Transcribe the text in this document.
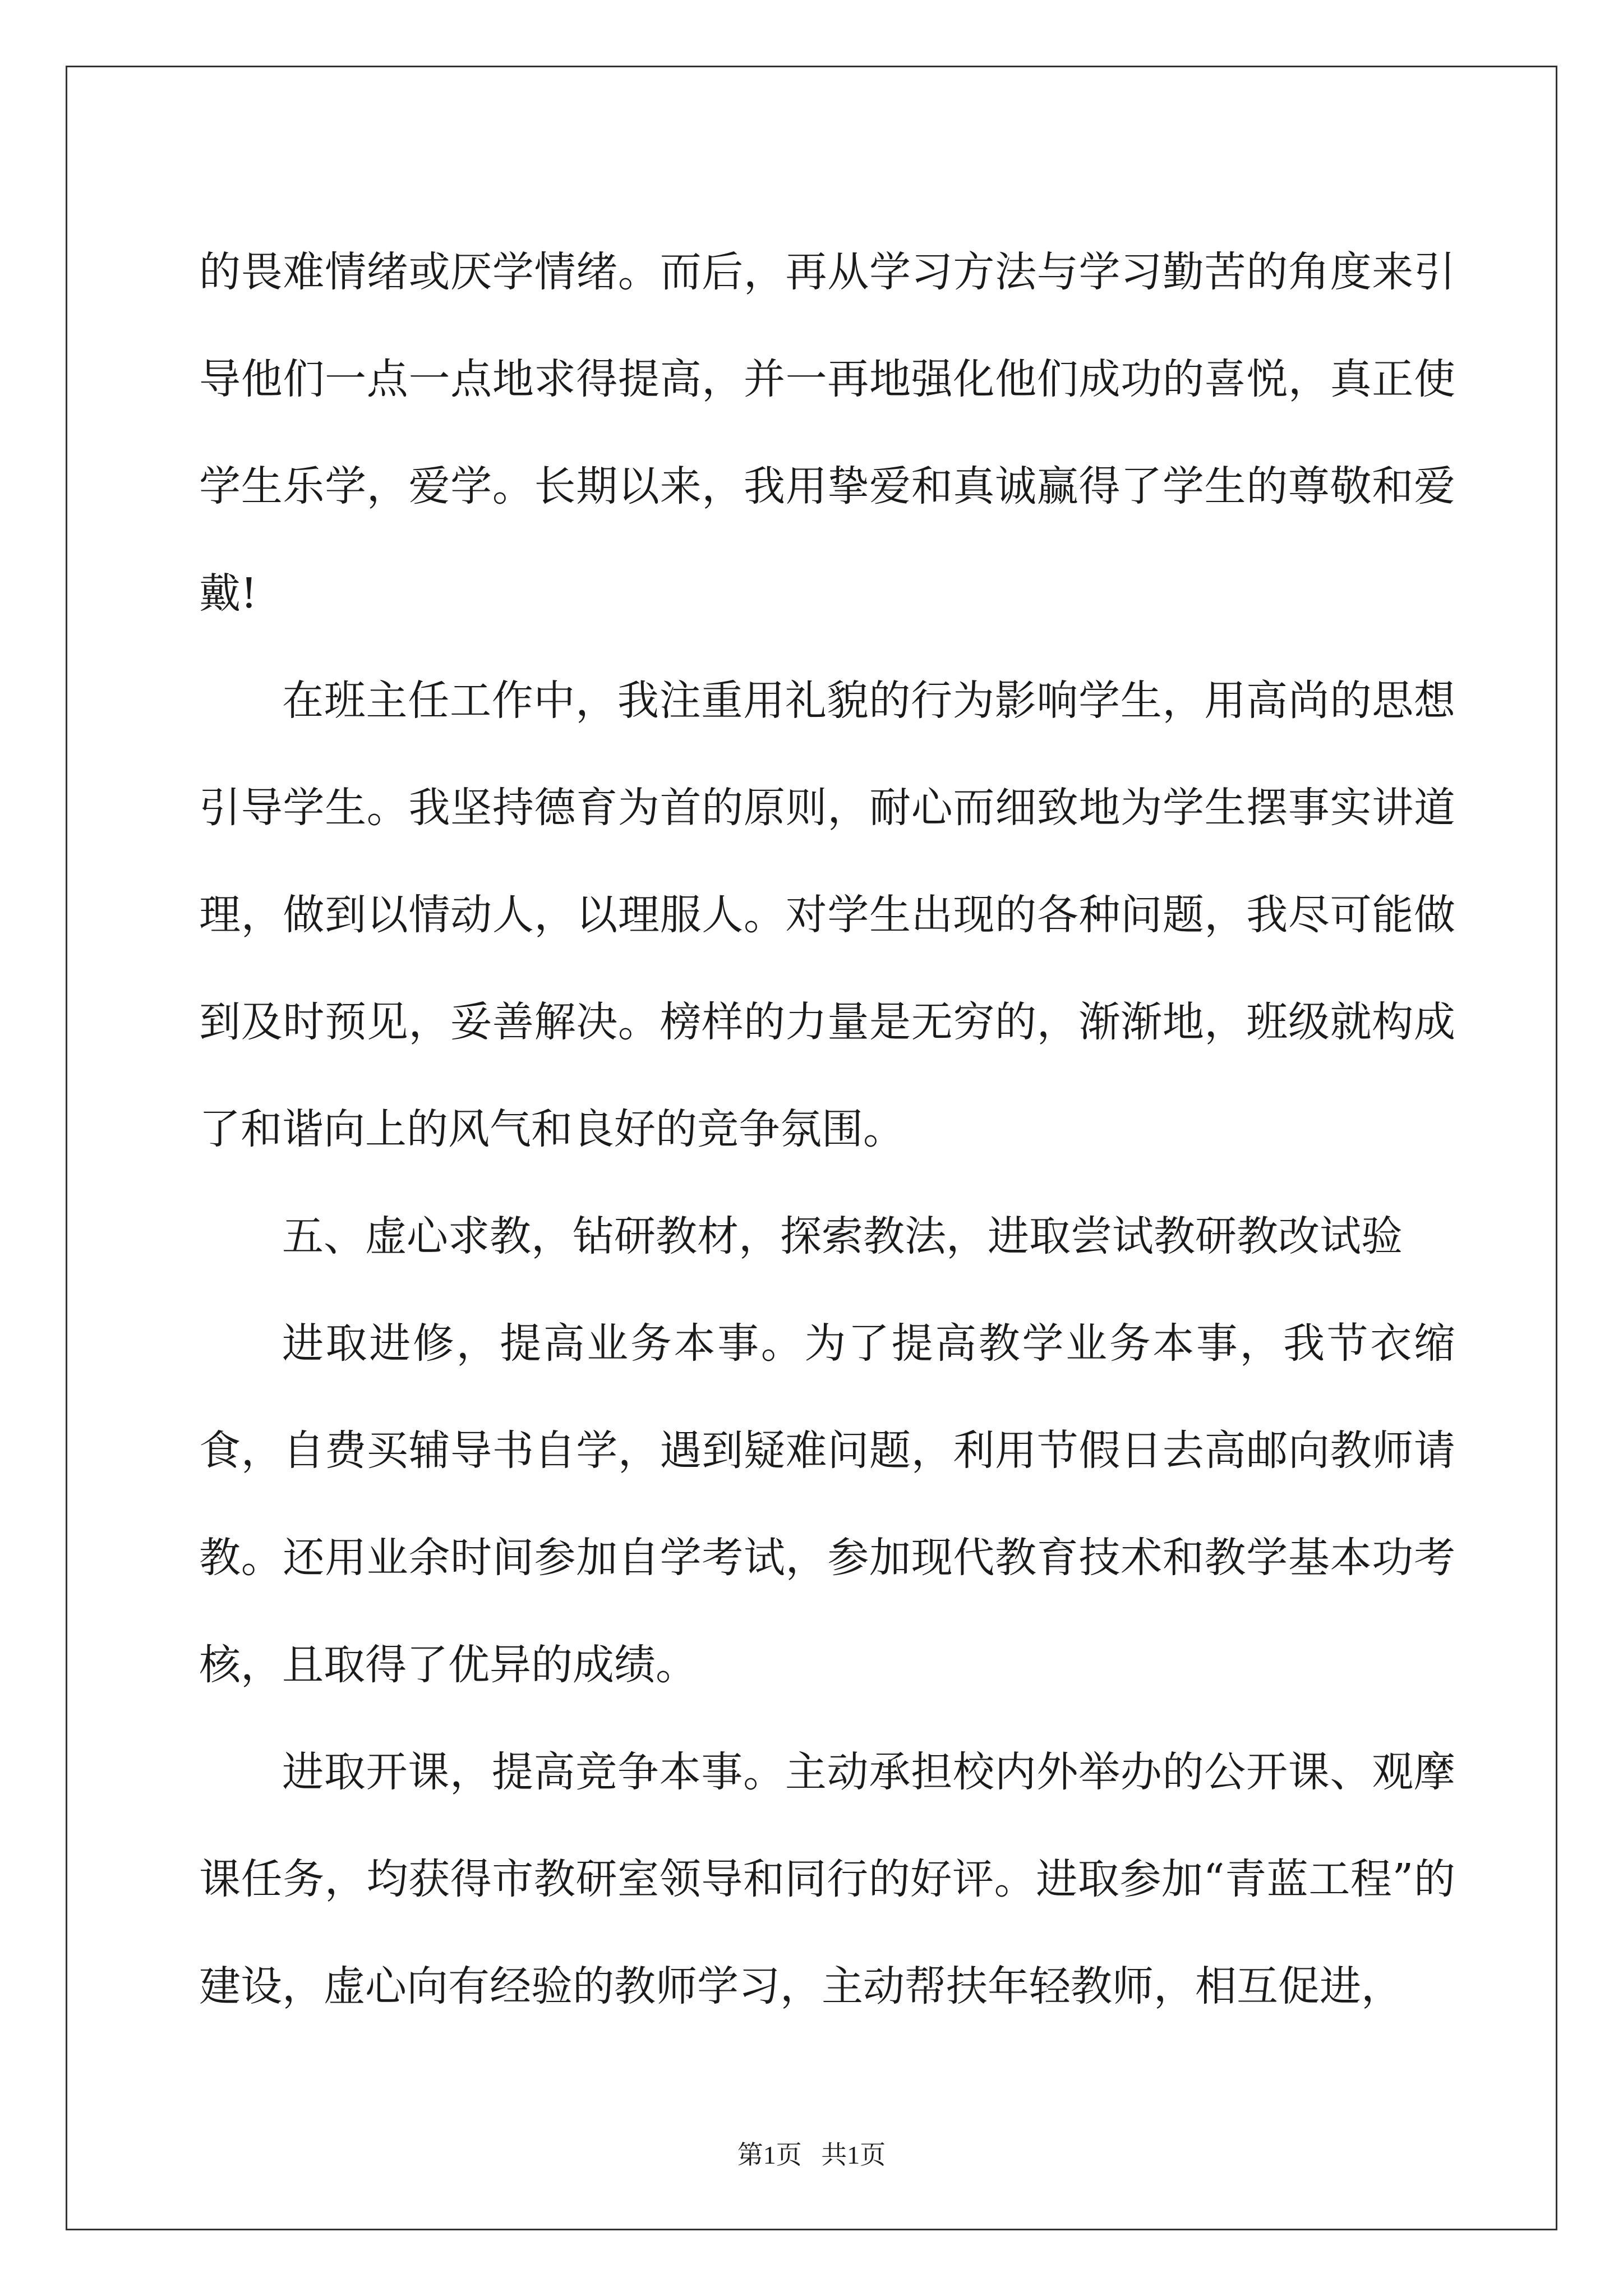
的畏难情绪或厌学情绪。而后，再从学习方法与学习勤苦的角度来引导他们一点一点地求得提高，并一再地强化他们成功的喜悦，真正使学生乐学，爱学。长期以来，我用挚爱和真诚赢得了学生的尊敬和爱戴!

在班主任工作中，我注重用礼貌的行为影响学生，用高尚的思想引导学生。我坚持德育为首的原则，耐心而细致地为学生摆事实讲道理，做到以情动人，以理服人。对学生出现的各种问题，我尽可能做到及时预见，妥善解决。榜样的力量是无穷的，渐渐地，班级就构成了和谐向上的风气和良好的竞争氛围。

五、虚心求教，钻研教材，探索教法，进取尝试教研教改试验

进取进修，提高业务本事。为了提高教学业务本事，我节衣缩食，自费买辅导书自学，遇到疑难问题，利用节假日去高邮向教师请教。还用业余时间参加自学考试，参加现代教育技术和教学基本功考核，且取得了优异的成绩。

进取开课，提高竞争本事。主动承担校内外举办的公开课、观摩课任务，均获得市教研室领导和同行的好评。进取参加“青蓝工程”的建设，虚心向有经验的教师学习，主动帮扶年轻教师，相互促进，

第1页   共1页
